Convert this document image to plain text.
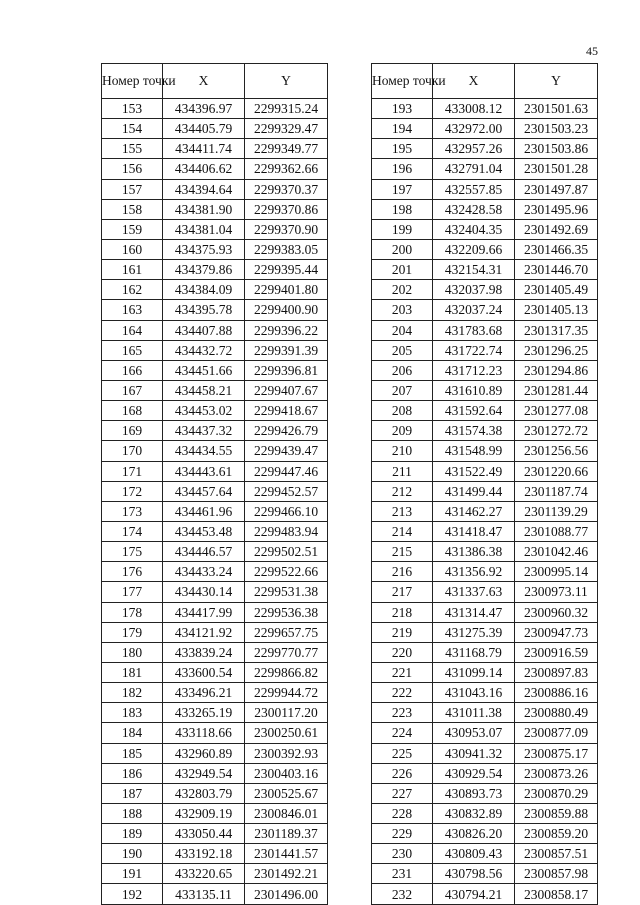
45
Номер точки	X	Y
153	434396.97	2299315.24
154	434405.79	2299329.47
155	434411.74	2299349.77
156	434406.62	2299362.66
157	434394.64	2299370.37
158	434381.90	2299370.86
159	434381.04	2299370.90
160	434375.93	2299383.05
161	434379.86	2299395.44
162	434384.09	2299401.80
163	434395.78	2299400.90
164	434407.88	2299396.22
165	434432.72	2299391.39
166	434451.66	2299396.81
167	434458.21	2299407.67
168	434453.02	2299418.67
169	434437.32	2299426.79
170	434434.55	2299439.47
171	434443.61	2299447.46
172	434457.64	2299452.57
173	434461.96	2299466.10
174	434453.48	2299483.94
175	434446.57	2299502.51
176	434433.24	2299522.66
177	434430.14	2299531.38
178	434417.99	2299536.38
179	434121.92	2299657.75
180	433839.24	2299770.77
181	433600.54	2299866.82
182	433496.21	2299944.72
183	433265.19	2300117.20
184	433118.66	2300250.61
185	432960.89	2300392.93
186	432949.54	2300403.16
187	432803.79	2300525.67
188	432909.19	2300846.01
189	433050.44	2301189.37
190	433192.18	2301441.57
191	433220.65	2301492.21
192	433135.11	2301496.00
Номер точки	X	Y
193	433008.12	2301501.63
194	432972.00	2301503.23
195	432957.26	2301503.86
196	432791.04	2301501.28
197	432557.85	2301497.87
198	432428.58	2301495.96
199	432404.35	2301492.69
200	432209.66	2301466.35
201	432154.31	2301446.70
202	432037.98	2301405.49
203	432037.24	2301405.13
204	431783.68	2301317.35
205	431722.74	2301296.25
206	431712.23	2301294.86
207	431610.89	2301281.44
208	431592.64	2301277.08
209	431574.38	2301272.72
210	431548.99	2301256.56
211	431522.49	2301220.66
212	431499.44	2301187.74
213	431462.27	2301139.29
214	431418.47	2301088.77
215	431386.38	2301042.46
216	431356.92	2300995.14
217	431337.63	2300973.11
218	431314.47	2300960.32
219	431275.39	2300947.73
220	431168.79	2300916.59
221	431099.14	2300897.83
222	431043.16	2300886.16
223	431011.38	2300880.49
224	430953.07	2300877.09
225	430941.32	2300875.17
226	430929.54	2300873.26
227	430893.73	2300870.29
228	430832.89	2300859.88
229	430826.20	2300859.20
230	430809.43	2300857.51
231	430798.56	2300857.98
232	430794.21	2300858.17
